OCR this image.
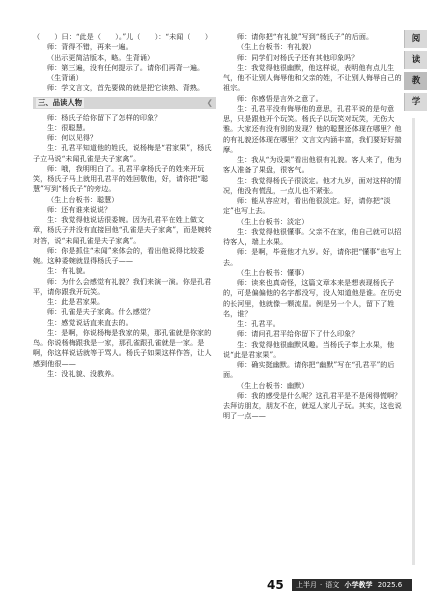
阅
读
教
学

（　　）曰：“此是（　　）。”儿（　　）：“未闻（　　）

师：背得不错，再来一遍。

（出示更简洁版本，略。生背诵）

师：第三遍，没有任何提示了。请你们再背一遍。

（生背诵）

师：学文言文，首先要做的就是把它读熟、背熟。

三、品读人物	❮

师：杨氏子给你留下了怎样的印象？

生：很聪慧。

师：何以见得？

生：孔君平知道他的姓氏，说杨梅是“君家果”，杨氏子立马说“未闻孔雀是夫子家禽”。

师：哦，我明明白了。孔君平拿杨氏子的姓来开玩笑，杨氏子马上就用孔君平的姓回敬他，好，请你把“聪慧”写到“杨氏子”的旁边。

（生上台板书：聪慧）

师：还有谁来说说？

生：我觉得他说话很委婉。因为孔君平在姓上做文章，杨氏子并没有直接回他“孔雀是夫子家禽”，而是婉转对答，说“未闻孔雀是夫子家禽”。

师：你是抓住“未闻”来体会的，看出他说得比较委婉。这种委婉就显得杨氏子——

生：有礼貌。

师：为什么会感觉有礼貌？我们来演一演。你是孔君平，请你跟我开玩笑。

生：此是君家果。

师：孔雀是夫子家禽。什么感觉？

生：感觉说话直来直去的。

生：是啊，你说杨梅是我家的果，那孔雀就是你家的鸟。你说杨梅跟我是一家，那孔雀跟孔雀就是一家。是啊，你这样说话就等于骂人。杨氏子如果这样作答，让人感到他很——

生：没礼貌、没教养。

师：请你把“有礼貌”写到“杨氏子”的后面。

（生上台板书：有礼貌）

师：同学们对杨氏子还有其他印象吗？

生：我觉得他很幽默，他这样说，表明他有点儿生气，他不让别人侮辱他和父亲的姓，不让别人侮辱自己的祖宗。

师：你感悟是言外之意了。

生：孔君平没有侮辱他的意思，孔君平说的是句意思，只是跟他开个玩笑。杨氏子以玩笑对玩笑，无伤大雅。大家还有没有别的发现？他的聪慧还体现在哪里？他的有礼貌还体现在哪里？文言文内涵丰富，我们要好好揣摩。

生：我从“为设果”看出他很有礼貌。客人来了，他为客人准备了果盘，很客气。

生：我觉得杨氏子很淡定。他才九岁，面对这样的情况，他没有慌乱，一点儿也不紧张。

师：能从容应对，看出他很淡定。好，请你把“淡定”也写上去。

（生上台板书：淡定）

生：我觉得他很懂事。父亲不在家，他自己就可以招待客人，端上水果。

师：是啊，毕竟他才九岁。好，请你把“懂事”也写上去。

（生上台板书：懂事）

师：读来也真奇怪，这篇文章本来是想表现杨氏子的，可是偏偏他的名字都没写，没人知道他是谁。在历史的长河里，他就像一颗流星。例是另一个人，留下了姓名，谁？

生：孔君平。

师：请问孔君平给你留下了什么印象？

生：我觉得他很幽默风趣。当杨氏子奉上水果，他说“此是君家果”。

师：确实挺幽默。请你把“幽默”写在“孔君平”的后面。

（生上台板书：幽默）

师：我的感受是什么呢？这孔君平是不是闲得慌啊？去拜访朋友，朋友不在，就逗人家儿子玩。其实，这也说明了一点——

45	上半月 · 语文 小学教学 2025.6
